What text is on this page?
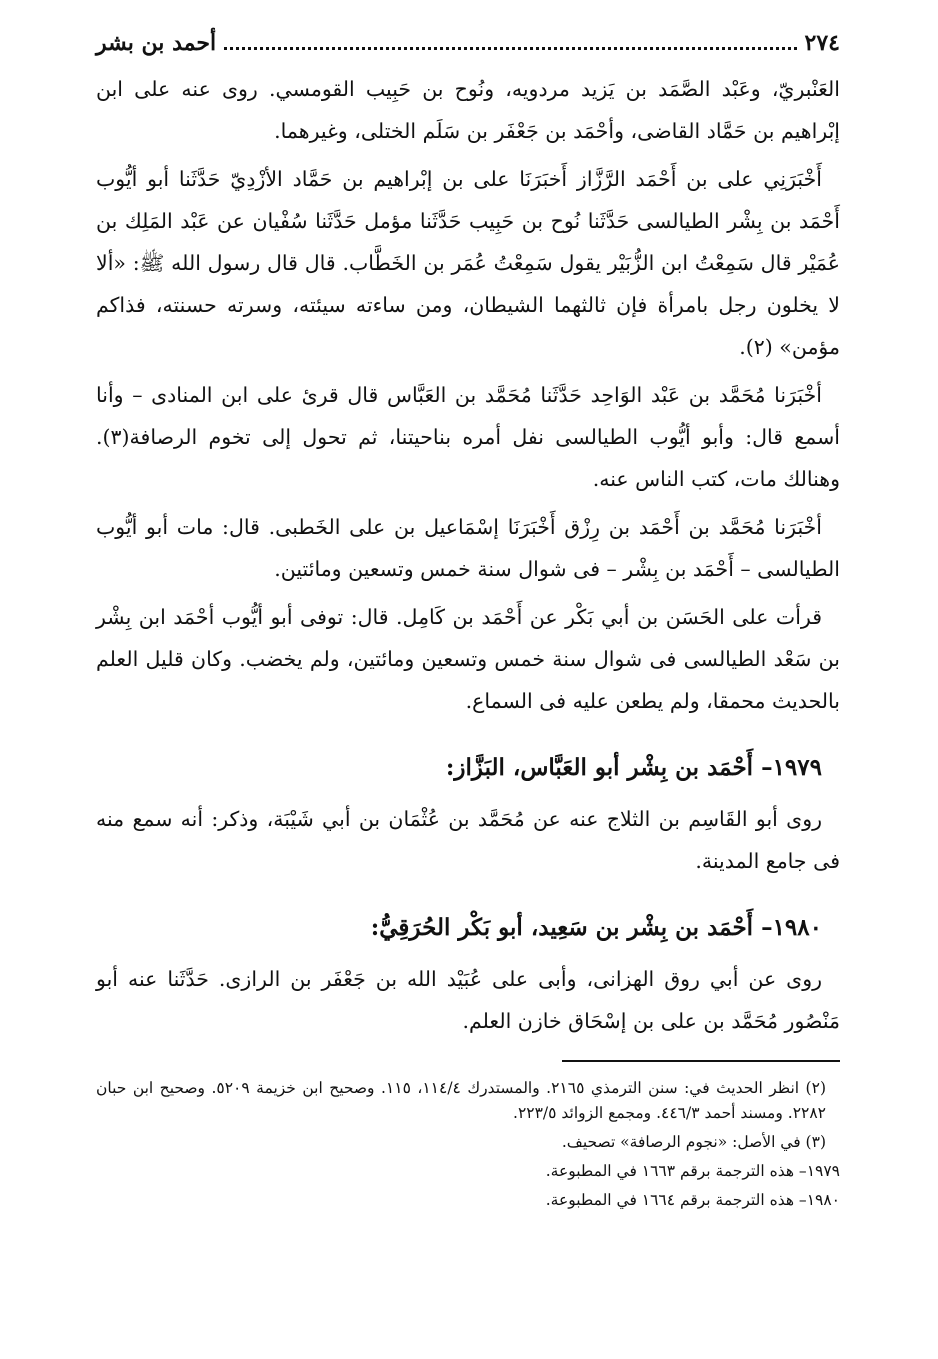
٢٧٤
أحمد بن بشر

العَنْبريّ، وعَبْد الصَّمَد بن يَزيد مردويه، ونُوح بن حَبِيب القومسي. روى عنه على ابن إبْراهيم بن حَمَّاد القاضى، وأحْمَد بن جَعْفَر بن سَلَم الختلى، وغيرهما.

أَخْبَرَنِي على بن أَحْمَد الرَّزَّاز أَخبَرَنَا على بن إبْراهيم بن حَمَّاد الأزْدِيّ حَدَّثَنا أبو أيُّوب أَحْمَد بن بِشْر الطيالسى حَدَّثَنا نُوح بن حَبِيب حَدَّثَنا مؤمل حَدَّثَنا سُفْيان عن عَبْد المَلِك بن عُمَيْر قال سَمِعْتُ ابن الزُّبَيْر يقول سَمِعْتُ عُمَر بن الخَطَّاب. قال قال رسول الله ﷺ: «ألا لا يخلون رجل بامرأة فإن ثالثهما الشيطان، ومن ساءته سيئته، وسرته حسنته، فذاكم مؤمن» (٢).

أخْبَرَنا مُحَمَّد بن عَبْد الوَاحِد حَدَّثَنا مُحَمَّد بن العَبَّاس قال قرئ على ابن المنادى – وأنا أسمع قال: وأبو أيُّوب الطيالسى نفل أمره بناحيتنا، ثم تحول إلى تخوم الرصافة(٣). وهنالك مات، كتب الناس عنه.

أخْبَرَنا مُحَمَّد بن أَحْمَد بن رِزْق أَخْبَرَنَا إسْمَاعيل بن على الخَطبى. قال: مات أبو أيُّوب الطيالسى – أَحْمَد بن بِشْر – فى شوال سنة خمس وتسعين ومائتين.

قرأت على الحَسَن بن أبي بَكْر عن أَحْمَد بن كَامِل. قال: توفى أبو أيُّوب أحْمَد ابن بِشْر بن سَعْد الطيالسى فى شوال سنة خمس وتسعين ومائتين، ولم يخضب. وكان قليل العلم بالحديث محمقا، ولم يطعن عليه فى السماع.

١٩٧٩– أَحْمَد بن بِشْر أبو العَبَّاس، البَزَّاز:

روى أبو القَاسِم بن الثلاج عنه عن مُحَمَّد بن عُثْمَان بن أبي شَيْبَة، وذكر: أنه سمع منه فى جامع المدينة.

١٩٨٠– أَحْمَد بن بِشْر بن سَعِيد، أبو بَكْر الحُرَقِيُّ:

روى عن أبي روق الهزانى، وأبى على عُبَيْد الله بن جَعْفَر بن الرازى. حَدَّثَنا عنه أبو مَنْصُور مُحَمَّد بن على بن إسْحَاق خازن العلم.

(٢) انظر الحديث في: سنن الترمذي ٢١٦٥. والمستدرك ١١٤/٤، ١١٥. وصحيح ابن خزيمة ٥٢٠٩. وصحيح ابن حبان ٢٢٨٢. ومسند أحمد ٤٤٦/٣. ومجمع الزوائد ٢٢٣/٥.

(٣) في الأصل: «نجوم الرصافة» تصحيف.

١٩٧٩– هذه الترجمة برقم ١٦٦٣ في المطبوعة.

١٩٨٠– هذه الترجمة برقم ١٦٦٤ في المطبوعة.
